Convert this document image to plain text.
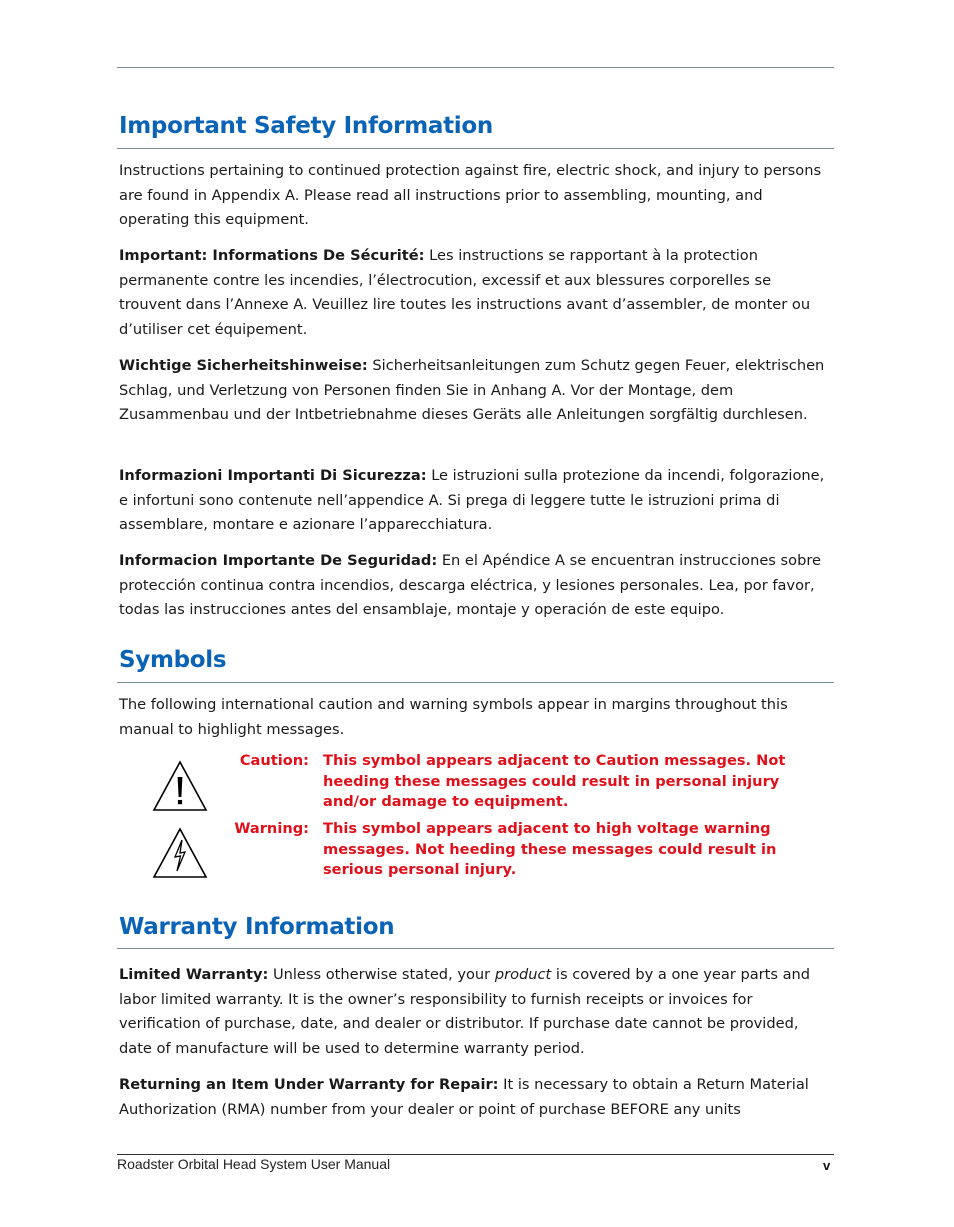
Important Safety Information

Instructions pertaining to continued protection against fire, electric shock, and injury to persons are found in Appendix A. Please read all instructions prior to assembling, mounting, and operating this equipment.

Important: Informations De Sécurité: Les instructions se rapportant à la protection permanente contre les incendies, l’électrocution, excessif et aux blessures corporelles se trouvent dans l’Annexe A. Veuillez lire toutes les instructions avant d’assembler, de monter ou d’utiliser cet équipement.

Wichtige Sicherheitshinweise: Sicherheitsanleitungen zum Schutz gegen Feuer, elektrischen Schlag, und Verletzung von Personen finden Sie in Anhang A. Vor der Montage, dem Zusammenbau und der Intbetriebnahme dieses Geräts alle Anleitungen sorgfältig durchlesen.

Informazioni Importanti Di Sicurezza: Le istruzioni sulla protezione da incendi, folgorazione, e infortuni sono contenute nell’appendice A. Si prega di leggere tutte le istruzioni prima di assemblare, montare e azionare l’apparecchiatura.

Informacion Importante De Seguridad: En el Apéndice A se encuentran instrucciones sobre protección continua contra incendios, descarga eléctrica, y lesiones personales. Lea, por favor, todas las instrucciones antes del ensamblaje, montaje y operación de este equipo.

Symbols

The following international caution and warning symbols appear in margins throughout this manual to highlight messages.

Caution: This symbol appears adjacent to Caution messages. Not heeding these messages could result in personal injury and/or damage to equipment.
Warning: This symbol appears adjacent to high voltage warning messages. Not heeding these messages could result in serious personal injury.
Warranty Information

Limited Warranty: Unless otherwise stated, your product is covered by a one year parts and labor limited warranty. It is the owner’s responsibility to furnish receipts or invoices for verification of purchase, date, and dealer or distributor. If purchase date cannot be provided, date of manufacture will be used to determine warranty period.

Returning an Item Under Warranty for Repair: It is necessary to obtain a Return Material Authorization (RMA) number from your dealer or point of purchase BEFORE any units

Roadster Orbital Head System User Manual	v
